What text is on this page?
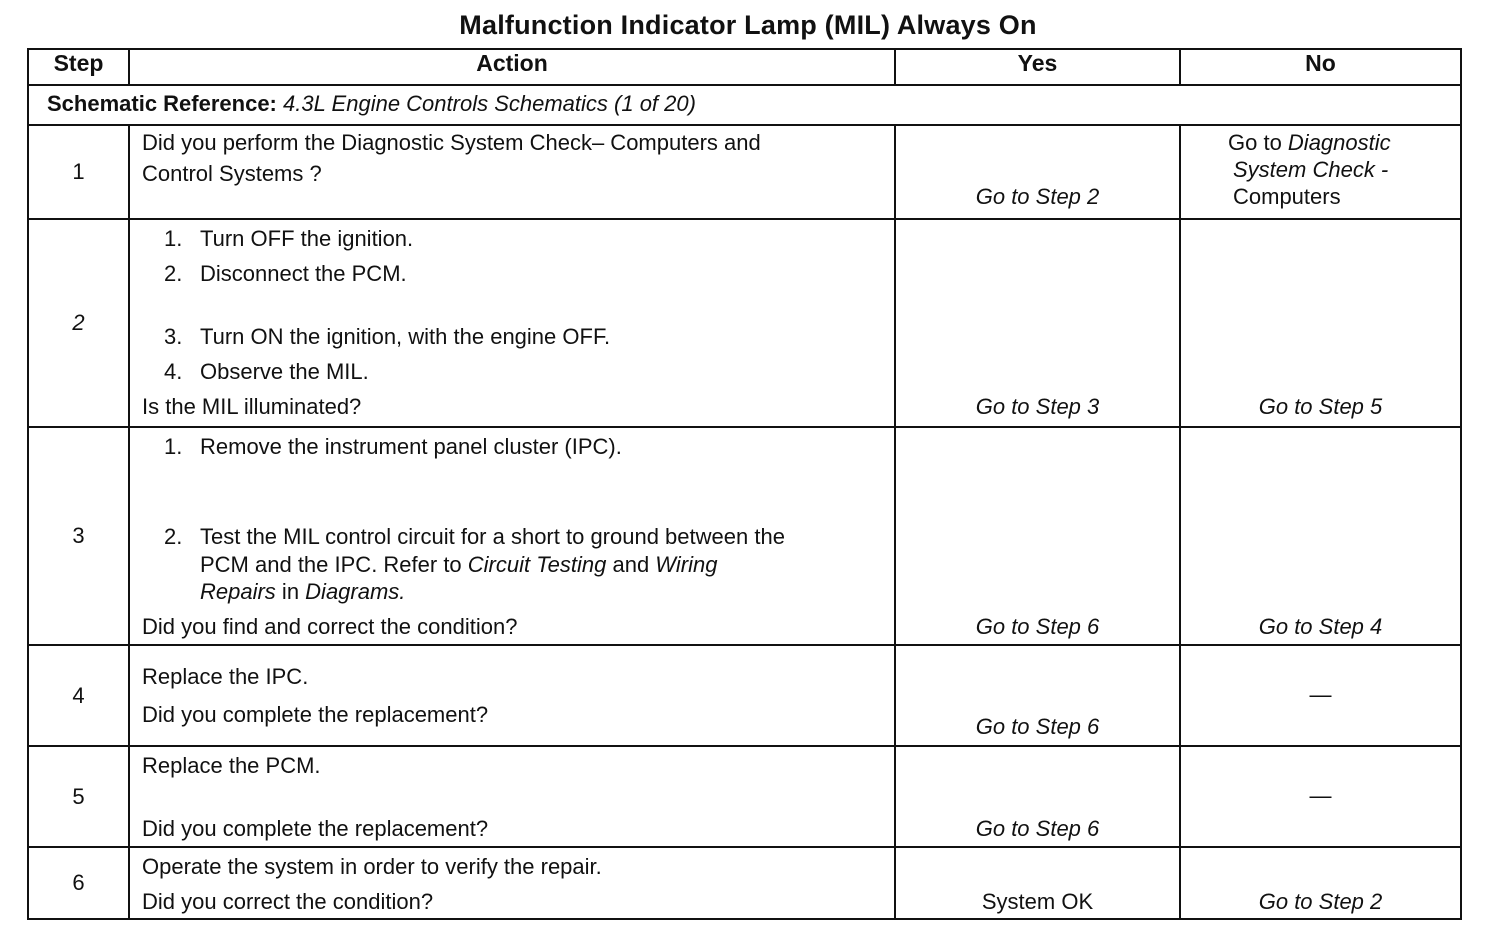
Malfunction Indicator Lamp (MIL) Always On
Step	Action	Yes	No
Schematic Reference: 4.3L Engine Controls Schematics (1 of 20)			
1	Did you perform the Diagnostic System Check– Computers and
Control Systems ?	Go to Step 2	Go to Diagnostic
System Check -
Computers

2	1. Turn OFF the ignition.
2. Disconnect the PCM.
3. Turn ON the ignition, with the engine OFF.
4. Observe the MIL.
Is the MIL illuminated?	Go to Step 3	Go to Step 5

3	1. Remove the instrument panel cluster (IPC).
2. Test the MIL control circuit for a short to ground between the
PCM and the IPC. Refer to Circuit Testing and Wiring
Repairs in Diagrams.
Did you find and correct the condition?	Go to Step 6	Go to Step 4

4	Replace the IPC.
Did you complete the replacement?	Go to Step 6	—

5	Replace the PCM.
Did you complete the replacement?	Go to Step 6	—

6	Operate the system in order to verify the repair.
Did you correct the condition?	System OK	Go to Step 2
